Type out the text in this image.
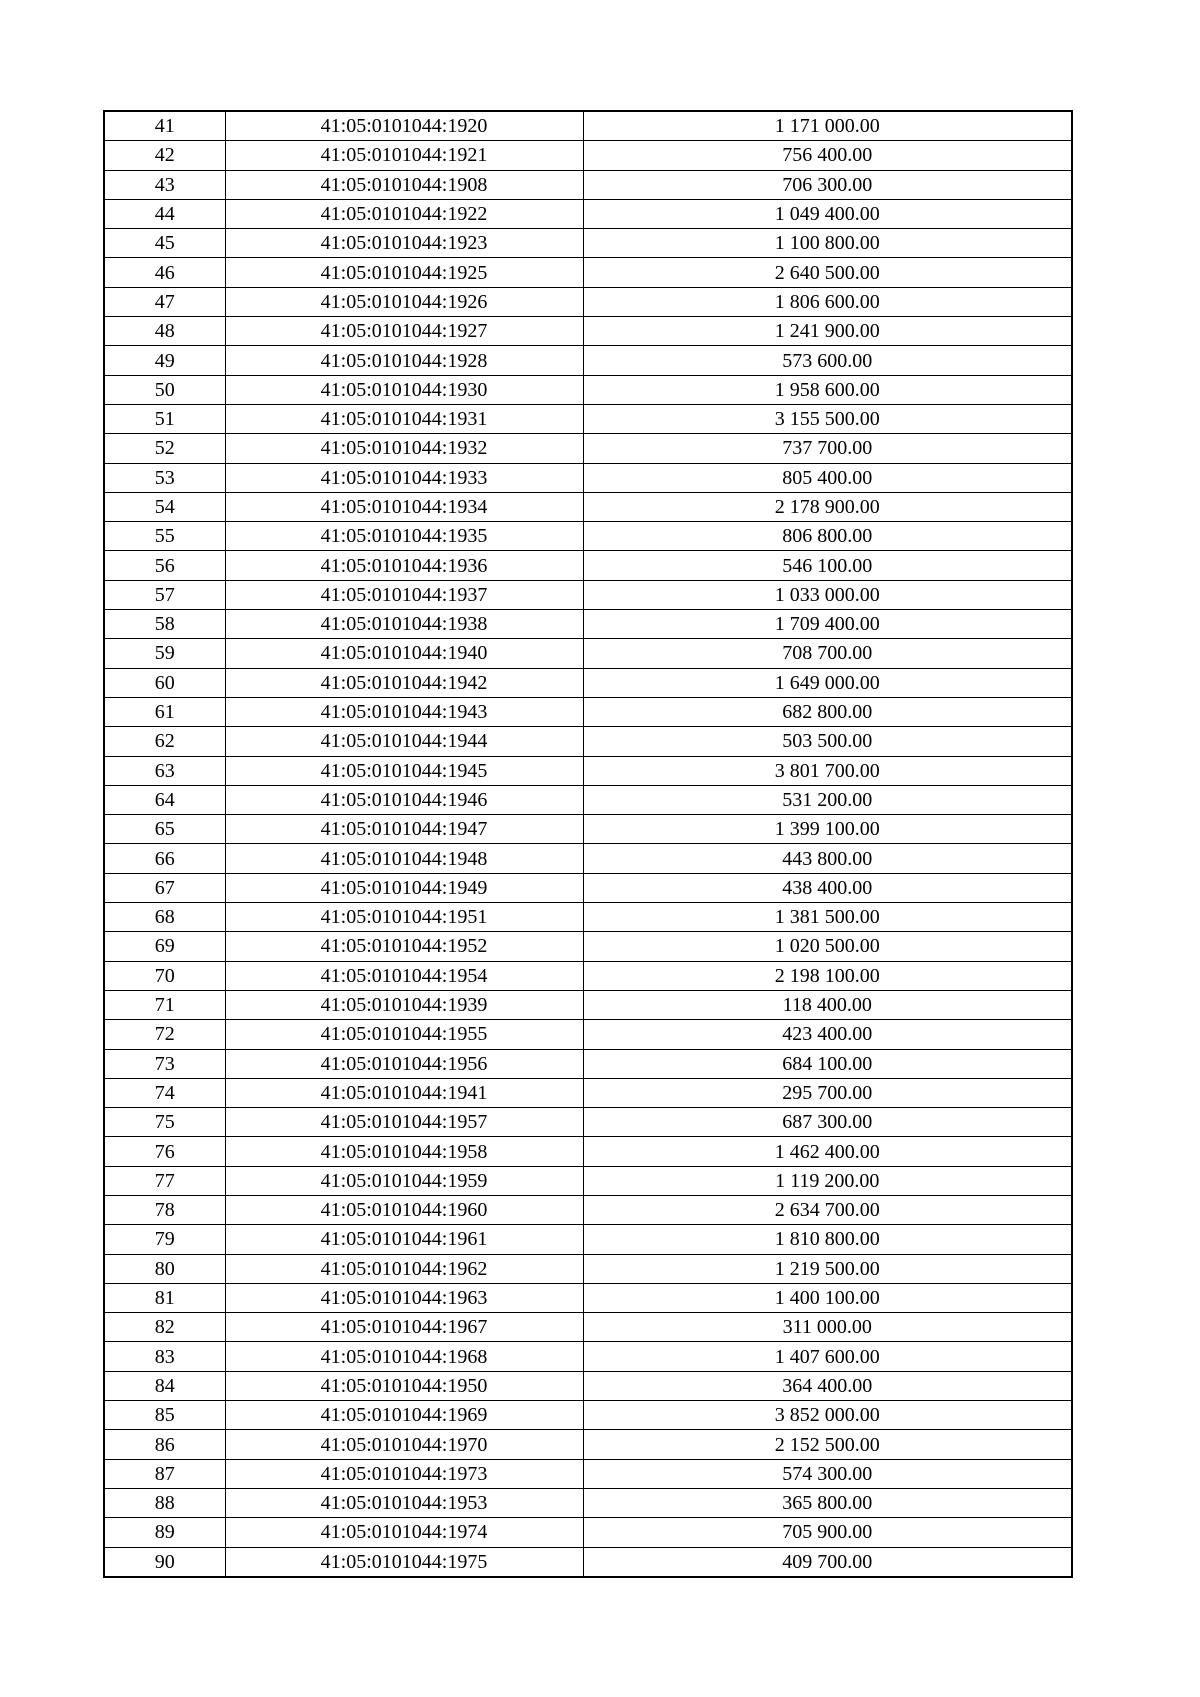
41	41:05:0101044:1920	1 171 000.00
42	41:05:0101044:1921	756 400.00
43	41:05:0101044:1908	706 300.00
44	41:05:0101044:1922	1 049 400.00
45	41:05:0101044:1923	1 100 800.00
46	41:05:0101044:1925	2 640 500.00
47	41:05:0101044:1926	1 806 600.00
48	41:05:0101044:1927	1 241 900.00
49	41:05:0101044:1928	573 600.00
50	41:05:0101044:1930	1 958 600.00
51	41:05:0101044:1931	3 155 500.00
52	41:05:0101044:1932	737 700.00
53	41:05:0101044:1933	805 400.00
54	41:05:0101044:1934	2 178 900.00
55	41:05:0101044:1935	806 800.00
56	41:05:0101044:1936	546 100.00
57	41:05:0101044:1937	1 033 000.00
58	41:05:0101044:1938	1 709 400.00
59	41:05:0101044:1940	708 700.00
60	41:05:0101044:1942	1 649 000.00
61	41:05:0101044:1943	682 800.00
62	41:05:0101044:1944	503 500.00
63	41:05:0101044:1945	3 801 700.00
64	41:05:0101044:1946	531 200.00
65	41:05:0101044:1947	1 399 100.00
66	41:05:0101044:1948	443 800.00
67	41:05:0101044:1949	438 400.00
68	41:05:0101044:1951	1 381 500.00
69	41:05:0101044:1952	1 020 500.00
70	41:05:0101044:1954	2 198 100.00
71	41:05:0101044:1939	118 400.00
72	41:05:0101044:1955	423 400.00
73	41:05:0101044:1956	684 100.00
74	41:05:0101044:1941	295 700.00
75	41:05:0101044:1957	687 300.00
76	41:05:0101044:1958	1 462 400.00
77	41:05:0101044:1959	1 119 200.00
78	41:05:0101044:1960	2 634 700.00
79	41:05:0101044:1961	1 810 800.00
80	41:05:0101044:1962	1 219 500.00
81	41:05:0101044:1963	1 400 100.00
82	41:05:0101044:1967	311 000.00
83	41:05:0101044:1968	1 407 600.00
84	41:05:0101044:1950	364 400.00
85	41:05:0101044:1969	3 852 000.00
86	41:05:0101044:1970	2 152 500.00
87	41:05:0101044:1973	574 300.00
88	41:05:0101044:1953	365 800.00
89	41:05:0101044:1974	705 900.00
90	41:05:0101044:1975	409 700.00
